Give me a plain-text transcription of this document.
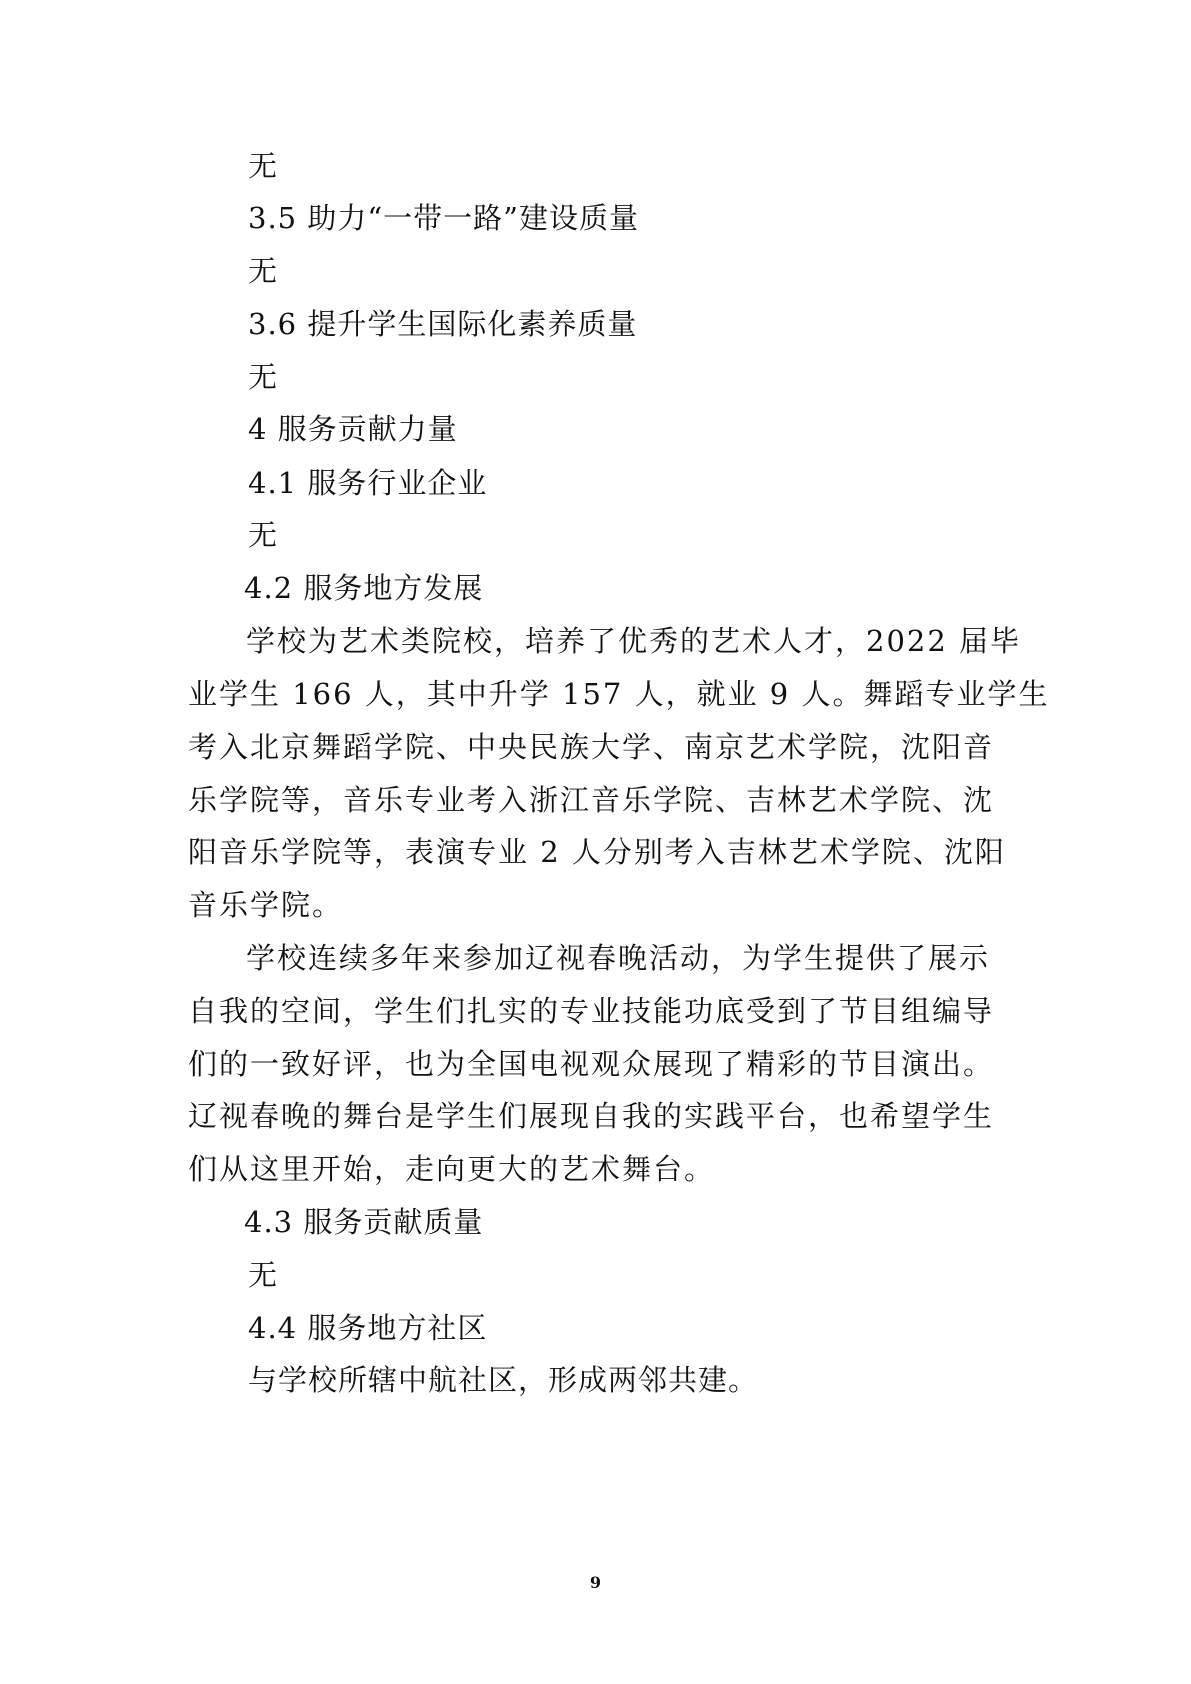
无
3.5 助力“一带一路”建设质量
无
3.6 提升学生国际化素养质量
无
4 服务贡献力量
4.1 服务行业企业
无
4.2 服务地方发展
学校为艺术类院校，培养了优秀的艺术人才，2022 届毕
业学生 166 人，其中升学 157 人，就业 9 人。舞蹈专业学生
考入北京舞蹈学院、中央民族大学、南京艺术学院，沈阳音
乐学院等，音乐专业考入浙江音乐学院、吉林艺术学院、沈
阳音乐学院等，表演专业 2 人分别考入吉林艺术学院、沈阳
音乐学院。
学校连续多年来参加辽视春晚活动，为学生提供了展示
自我的空间，学生们扎实的专业技能功底受到了节目组编导
们的一致好评，也为全国电视观众展现了精彩的节目演出。
辽视春晚的舞台是学生们展现自我的实践平台，也希望学生
们从这里开始，走向更大的艺术舞台。
4.3 服务贡献质量
无
4.4 服务地方社区
与学校所辖中航社区，形成两邻共建。
9
